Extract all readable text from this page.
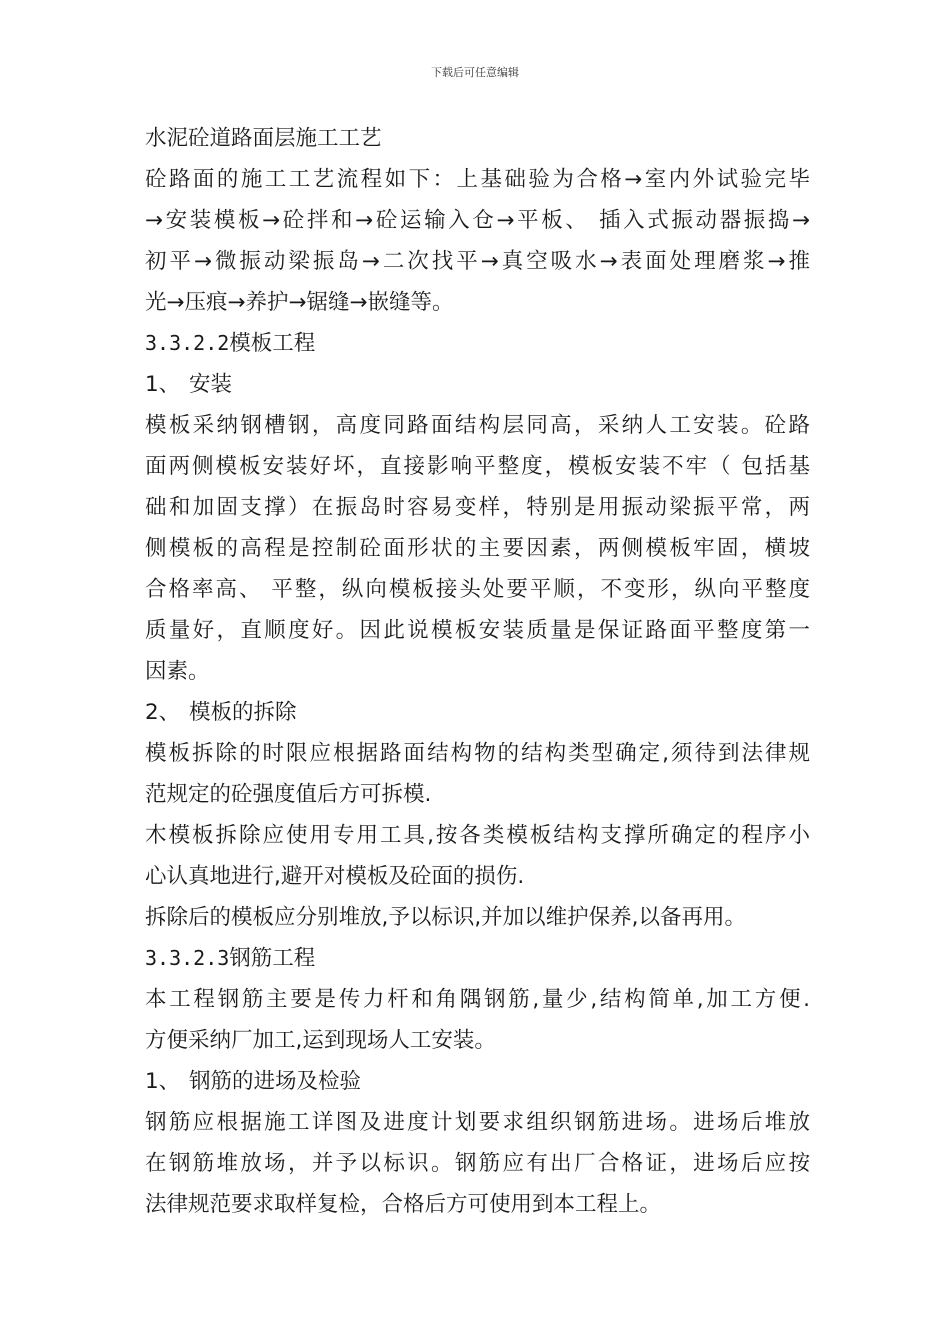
下载后可任意编辑
水泥砼道路面层施工工艺
砼路面的施工工艺流程如下：上基础验为合格→室内外试验完毕
→安装模板→砼拌和→砼运输入仓→平板、 插入式振动器振捣→
初平→微振动梁振岛→二次找平→真空吸水→表面处理磨浆→推
光→压痕→养护→锯缝→嵌缝等。
3.3.2.2模板工程
1、 安装
模板采纳钢槽钢，高度同路面结构层同高，采纳人工安装。砼路
面两侧模板安装好坏，直接影响平整度，模板安装不牢（ 包括基
础和加固支撑）在振岛时容易变样，特别是用振动梁振平常，两
侧模板的高程是控制砼面形状的主要因素，两侧模板牢固，横坡
合格率高、 平整，纵向模板接头处要平顺，不变形，纵向平整度
质量好，直顺度好。因此说模板安装质量是保证路面平整度第一
因素。
2、 模板的拆除
模板拆除的时限应根据路面结构物的结构类型确定,须待到法律规
范规定的砼强度值后方可拆模.
木模板拆除应使用专用工具,按各类模板结构支撑所确定的程序小
心认真地进行,避开对模板及砼面的损伤.
拆除后的模板应分别堆放,予以标识,并加以维护保养,以备再用。
3.3.2.3钢筋工程
本工程钢筋主要是传力杆和角隅钢筋,量少,结构简单,加工方便.
方便采纳厂加工,运到现场人工安装。
1、 钢筋的进场及检验
钢筋应根据施工详图及进度计划要求组织钢筋进场。进场后堆放
在钢筋堆放场，并予以标识。钢筋应有出厂合格证，进场后应按
法律规范要求取样复检，合格后方可使用到本工程上。
